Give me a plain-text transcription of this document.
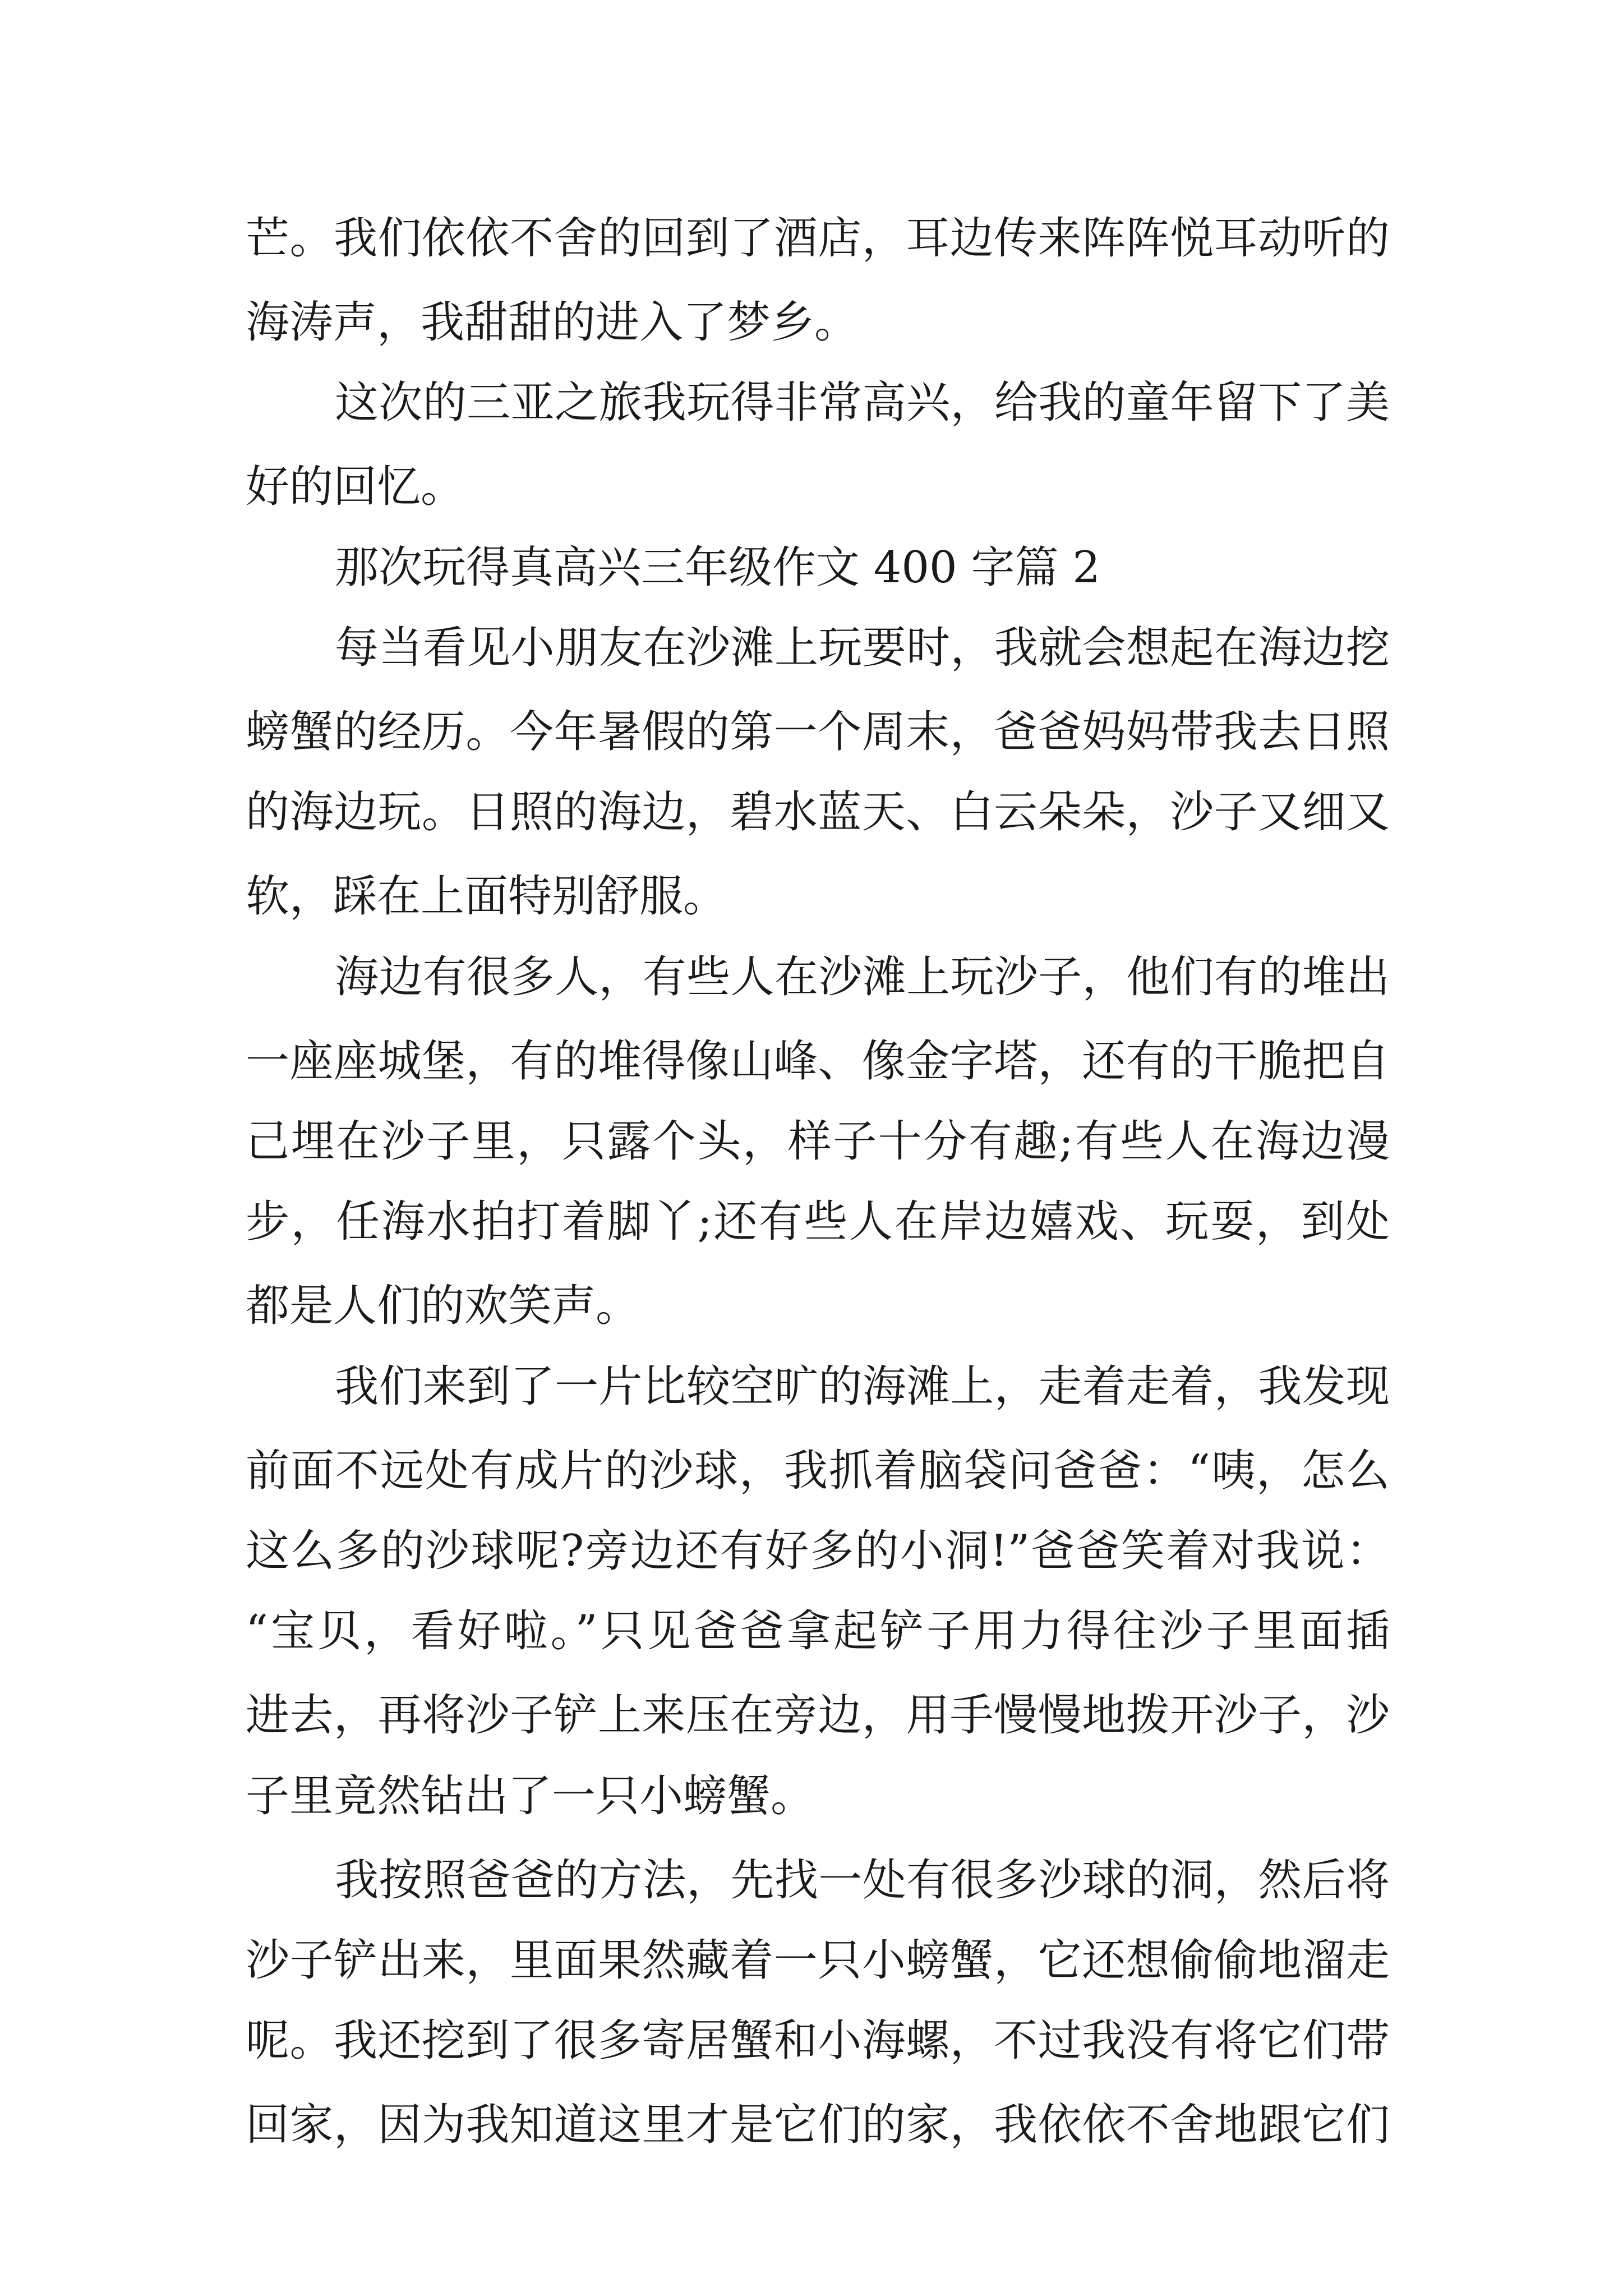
芒。我们依依不舍的回到了酒店，耳边传来阵阵悦耳动听的
海涛声，我甜甜的进入了梦乡。
这次的三亚之旅我玩得非常高兴，给我的童年留下了美
好的回忆。
那次玩得真高兴三年级作文 400 字篇 2
每当看见小朋友在沙滩上玩要时，我就会想起在海边挖
螃蟹的经历。今年暑假的第一个周末，爸爸妈妈带我去日照
的海边玩。日照的海边，碧水蓝天、白云朵朵，沙子又细又
软，踩在上面特别舒服。
海边有很多人，有些人在沙滩上玩沙子，他们有的堆出
一座座城堡，有的堆得像山峰、像金字塔，还有的干脆把自
己埋在沙子里，只露个头，样子十分有趣;有些人在海边漫
步，任海水拍打着脚丫;还有些人在岸边嬉戏、玩耍，到处
都是人们的欢笑声。
我们来到了一片比较空旷的海滩上，走着走着，我发现
前面不远处有成片的沙球，我抓着脑袋问爸爸：“咦，怎么
这么多的沙球呢?旁边还有好多的小洞!”爸爸笑着对我说：
“宝贝，看好啦。”只见爸爸拿起铲子用力得往沙子里面插
进去，再将沙子铲上来压在旁边，用手慢慢地拨开沙子，沙
子里竟然钻出了一只小螃蟹。
我按照爸爸的方法，先找一处有很多沙球的洞，然后将
沙子铲出来，里面果然藏着一只小螃蟹，它还想偷偷地溜走
呢。我还挖到了很多寄居蟹和小海螺，不过我没有将它们带
回家，因为我知道这里才是它们的家，我依依不舍地跟它们
